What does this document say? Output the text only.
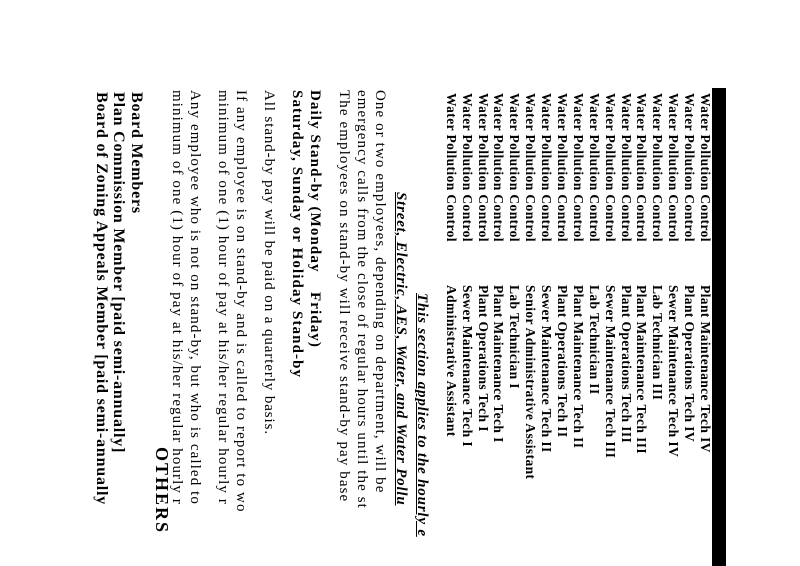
Water Pollution Control
Plant Maintenance Tech IV
Water Pollution Control
Plant Operations Tech IV
Water Pollution Control
Sewer Maintenance Tech IV
Water Pollution Control
Lab Technician III
Water Pollution Control
Plant Maintenance Tech III
Water Pollution Control
Plant Operations Tech III
Water Pollution Control
Sewer Maintenance Tech III
Water Pollution Control
Lab Technician II
Water Pollution Control
Plant Maintenance Tech II
Water Pollution Control
Plant Operations Tech II
Water Pollution Control
Sewer Maintenance Tech II
Water Pollution Control
Senior Administrative Assistant
Water Pollution Control
Lab Technician I
Water Pollution Control
Plant Maintenance Tech I
Water Pollution Control
Plant Operations Tech I
Water Pollution Control
Sewer Maintenance Tech I
Water Pollution Control
Administrative Assistant
This section applies to the hourly e
Street, Electric, AES, Water, and Water Pollu
One or two employees, depending on department, will be
emergency calls from the close of regular hours until the st
The employees on stand-by will receive stand-by pay base
Daily Stand-by (Monday    Friday)
Saturday, Sunday or Holiday Stand-by
All stand-by pay will be paid on a quarterly basis.
If any employee is on stand-by and is called to report to wo
minimum of one (1) hour of pay at his/her regular hourly r
Any employee who is not on stand-by, but who is called to
minimum of one (1) hour of pay at his/her regular hourly r
OTHERS
Board Members
Plan Commission Member [paid semi-annually]
Board of Zoning Appeals Member [paid semi-annually
